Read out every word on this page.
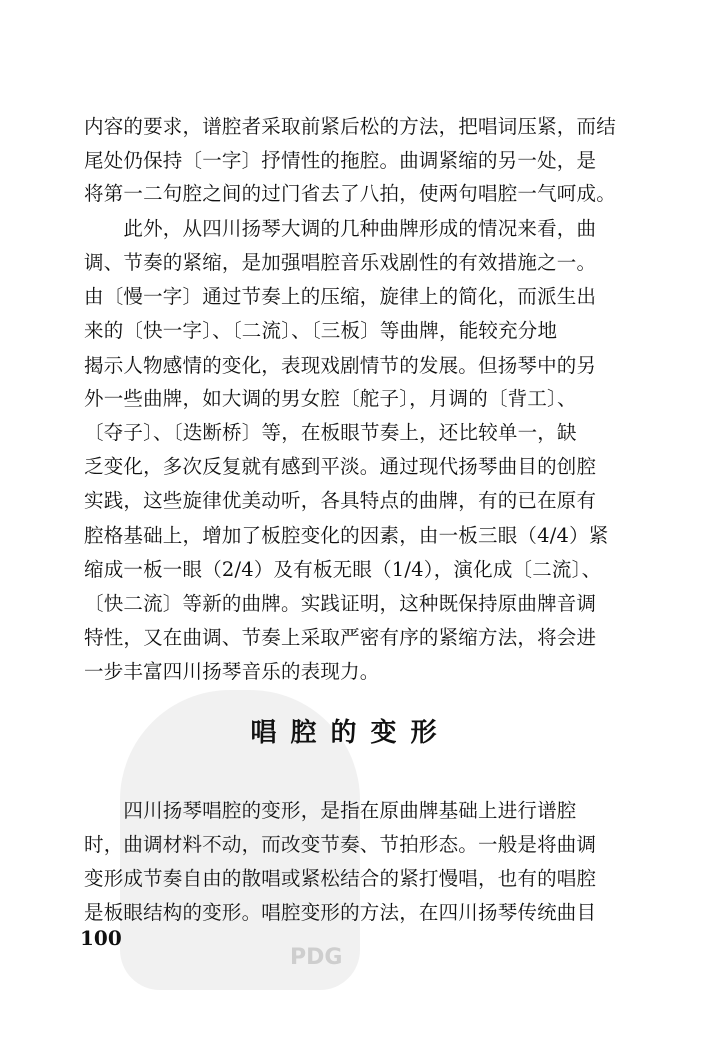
PDG
内容的要求，谱腔者采取前紧后松的方法，把唱词压紧，而结
尾处仍保持〔一字〕抒情性的拖腔。曲调紧缩的另一处，是
将第一二句腔之间的过门省去了八拍，使两句唱腔一气呵成。
　　此外，从四川扬琴大调的几种曲牌形成的情况来看，曲
调、节奏的紧缩，是加强唱腔音乐戏剧性的有效措施之一。
由〔慢一字〕通过节奏上的压缩，旋律上的简化，而派生出
来的〔快一字〕、〔二流〕、〔三板〕等曲牌，能较充分地
揭示人物感情的变化，表现戏剧情节的发展。但扬琴中的另
外一些曲牌，如大调的男女腔〔舵子〕，月调的〔背工〕、
〔夺子〕、〔迭断桥〕等，在板眼节奏上，还比较单一，缺
乏变化，多次反复就有感到平淡。通过现代扬琴曲目的创腔
实践，这些旋律优美动听，各具特点的曲牌，有的已在原有
腔格基础上，增加了板腔变化的因素，由一板三眼（4/4）紧
缩成一板一眼（2/4）及有板无眼（1/4），演化成〔二流〕、
〔快二流〕等新的曲牌。实践证明，这种既保持原曲牌音调
特性，又在曲调、节奏上采取严密有序的紧缩方法，将会进
一步丰富四川扬琴音乐的表现力。
唱腔的变形
　　四川扬琴唱腔的变形，是指在原曲牌基础上进行谱腔
时，曲调材料不动，而改变节奏、节拍形态。一般是将曲调
变形成节奏自由的散唱或紧松结合的紧打慢唱，也有的唱腔
是板眼结构的变形。唱腔变形的方法，在四川扬琴传统曲目
100
